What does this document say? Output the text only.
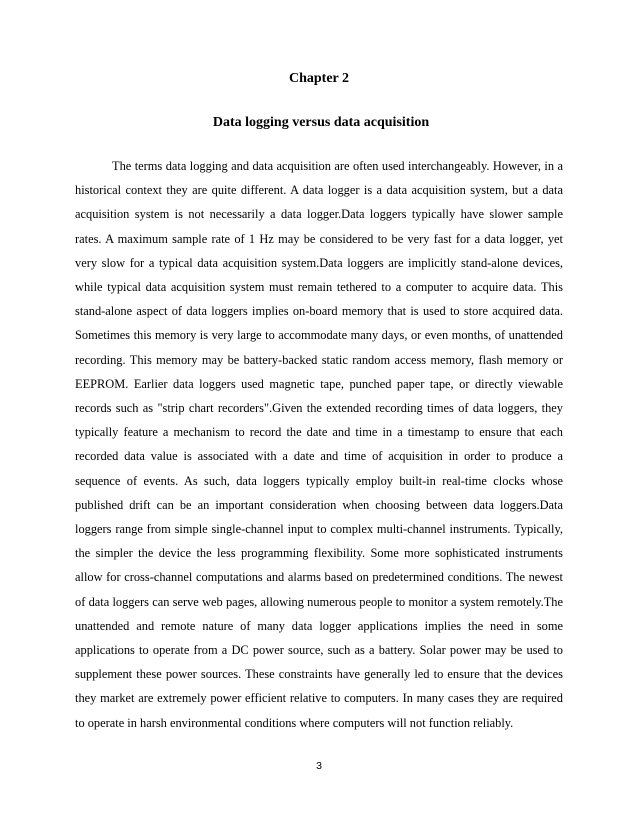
Chapter 2
Data logging versus data acquisition

The terms data logging and data acquisition are often used interchangeably. However, in a historical context they are quite different. A data logger is a data acquisition system, but a data acquisition system is not necessarily a data logger.Data loggers typically have slower sample rates. A maximum sample rate of 1 Hz may be considered to be very fast for a data logger, yet very slow for a typical data acquisition system.Data loggers are implicitly stand-alone devices, while typical data acquisition system must remain tethered to a computer to acquire data. This stand-alone aspect of data loggers implies on-board memory that is used to store acquired data. Sometimes this memory is very large to accommodate many days, or even months, of unattended recording. This memory may be battery-backed static random access memory, flash memory or EEPROM. Earlier data loggers used magnetic tape, punched paper tape, or directly viewable records such as "strip chart recorders".Given the extended recording times of data loggers, they typically feature a mechanism to record the date and time in a timestamp to ensure that each recorded data value is associated with a date and time of acquisition in order to produce a sequence of events. As such, data loggers typically employ built-in real-time clocks whose published drift can be an important consideration when choosing between data loggers.Data loggers range from simple single-channel input to complex multi-channel instruments. Typically, the simpler the device the less programming flexibility. Some more sophisticated instruments allow for cross-channel computations and alarms based on predetermined conditions. The newest of data loggers can serve web pages, allowing numerous people to monitor a system remotely.The unattended and remote nature of many data logger applications implies the need in some applications to operate from a DC power source, such as a battery. Solar power may be used to supplement these power sources. These constraints have generally led to ensure that the devices they market are extremely power efficient relative to computers. In many cases they are required to operate in harsh environmental conditions where computers will not function reliably.

3
